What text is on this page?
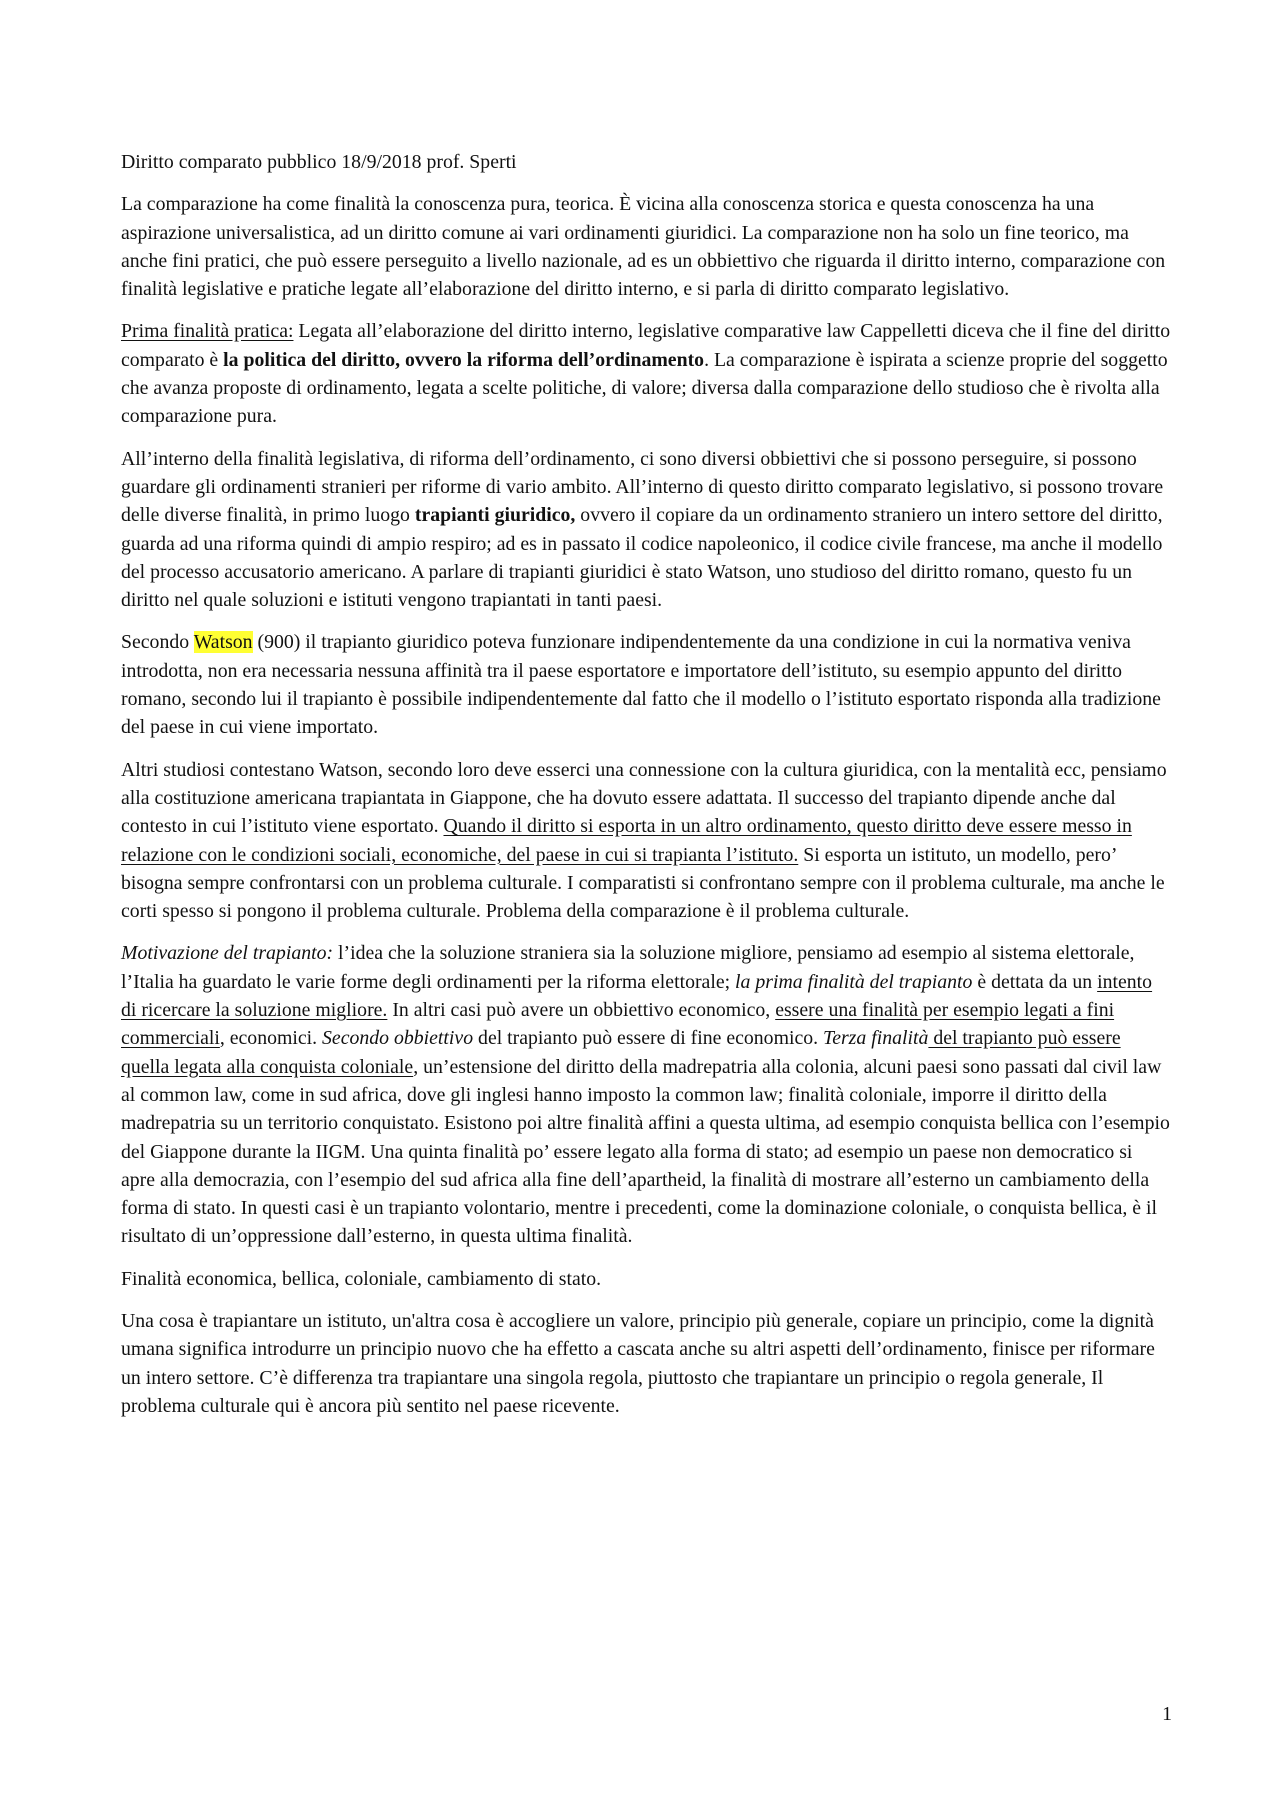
Diritto comparato pubblico 18/9/2018 prof. Sperti

La comparazione ha come finalità la conoscenza pura, teorica. È vicina alla conoscenza storica e questa conoscenza ha una aspirazione universalistica, ad un diritto comune ai vari ordinamenti giuridici. La comparazione non ha solo un fine teorico, ma anche fini pratici, che può essere perseguito a livello nazionale, ad es un obbiettivo che riguarda il diritto interno, comparazione con finalità legislative e pratiche legate all’elaborazione del diritto interno, e si parla di diritto comparato legislativo.

Prima finalità pratica: Legata all’elaborazione del diritto interno, legislative comparative law Cappelletti diceva che il fine del diritto comparato è la politica del diritto, ovvero la riforma dell’ordinamento. La comparazione è ispirata a scienze proprie del soggetto che avanza proposte di ordinamento, legata a scelte politiche, di valore; diversa dalla comparazione dello studioso che è rivolta alla comparazione pura.

All’interno della finalità legislativa, di riforma dell’ordinamento, ci sono diversi obbiettivi che si possono perseguire, si possono guardare gli ordinamenti stranieri per riforme di vario ambito. All’interno di questo diritto comparato legislativo, si possono trovare delle diverse finalità, in primo luogo trapianti giuridico, ovvero il copiare da un ordinamento straniero un intero settore del diritto, guarda ad una riforma quindi di ampio respiro; ad es in passato il codice napoleonico, il codice civile francese, ma anche il modello del processo accusatorio americano. A parlare di trapianti giuridici è stato Watson, uno studioso del diritto romano, questo fu un diritto nel quale soluzioni e istituti vengono trapiantati in tanti paesi.

Secondo Watson (900) il trapianto giuridico poteva funzionare indipendentemente da una condizione in cui la normativa veniva introdotta, non era necessaria nessuna affinità tra il paese esportatore e importatore dell’istituto, su esempio appunto del diritto romano, secondo lui il trapianto è possibile indipendentemente dal fatto che il modello o l’istituto esportato risponda alla tradizione del paese in cui viene importato.

Altri studiosi contestano Watson, secondo loro deve esserci una connessione con la cultura giuridica, con la mentalità ecc, pensiamo alla costituzione americana trapiantata in Giappone, che ha dovuto essere adattata. Il successo del trapianto dipende anche dal contesto in cui l’istituto viene esportato. Quando il diritto si esporta in un altro ordinamento, questo diritto deve essere messo in relazione con le condizioni sociali, economiche, del paese in cui si trapianta l’istituto. Si esporta un istituto, un modello, pero’ bisogna sempre confrontarsi con un problema culturale. I comparatisti si confrontano sempre con il problema culturale, ma anche le corti spesso si pongono il problema culturale. Problema della comparazione è il problema culturale.

Motivazione del trapianto: l’idea che la soluzione straniera sia la soluzione migliore, pensiamo ad esempio al sistema elettorale, l’Italia ha guardato le varie forme degli ordinamenti per la riforma elettorale; la prima finalità del trapianto è dettata da un intento di ricercare la soluzione migliore. In altri casi può avere un obbiettivo economico, essere una finalità per esempio legati a fini commerciali, economici. Secondo obbiettivo del trapianto può essere di fine economico. Terza finalità del trapianto può essere quella legata alla conquista coloniale, un’estensione del diritto della madrepatria alla colonia, alcuni paesi sono passati dal civil law al common law, come in sud africa, dove gli inglesi hanno imposto la common law; finalità coloniale, imporre il diritto della madrepatria su un territorio conquistato. Esistono poi altre finalità affini a questa ultima, ad esempio conquista bellica con l’esempio del Giappone durante la IIGM. Una quinta finalità po’ essere legato alla forma di stato; ad esempio un paese non democratico si apre alla democrazia, con l’esempio del sud africa alla fine dell’apartheid, la finalità di mostrare all’esterno un cambiamento della forma di stato. In questi casi è un trapianto volontario, mentre i precedenti, come la dominazione coloniale, o conquista bellica, è il risultato di un’oppressione dall’esterno, in questa ultima finalità.

Finalità economica, bellica, coloniale, cambiamento di stato.

Una cosa è trapiantare un istituto, un'altra cosa è accogliere un valore, principio più generale, copiare un principio, come la dignità umana significa introdurre un principio nuovo che ha effetto a cascata anche su altri aspetti dell’ordinamento, finisce per riformare un intero settore. C’è differenza tra trapiantare una singola regola, piuttosto che trapiantare un principio o regola generale, Il problema culturale qui è ancora più sentito nel paese ricevente.

1
